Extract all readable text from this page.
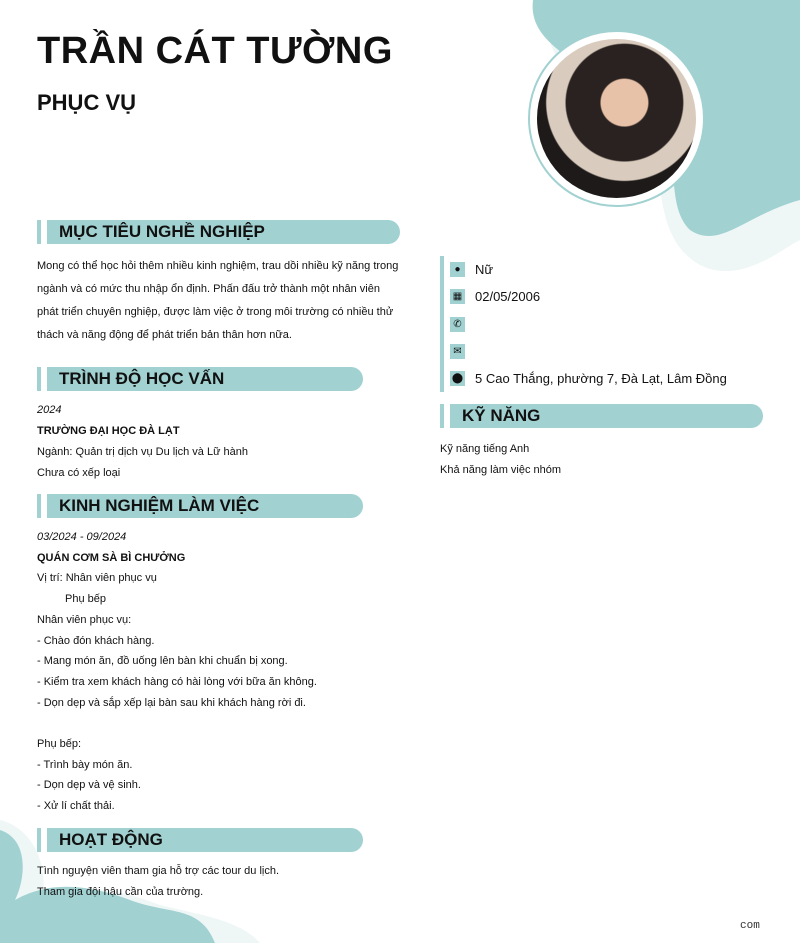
TRẦN CÁT TƯỜNG
PHỤC VỤ
MỤC TIÊU NGHỀ NGHIỆP
Mong có thể học hỏi thêm nhiều kinh nghiệm, trau dồi nhiều kỹ năng trong ngành và có mức thu nhập ổn định. Phấn đấu trở thành một nhân viên phát triển chuyên nghiệp, được làm việc ở trong môi trường có nhiều thử thách và năng động để phát triển bản thân hơn nữa.
TRÌNH ĐỘ HỌC VẤN
2024
TRƯỜNG ĐẠI HỌC ĐÀ LẠT
Ngành: Quản trị dịch vụ Du lịch và Lữ hành
Chưa có xếp loại
KINH NGHIỆM LÀM VIỆC
03/2024 - 09/2024
QUÁN CƠM SÀ BÌ CHƯỞNG
Vị trí: Nhân viên phục vụ
Phụ bếp
Nhân viên phục vụ:
- Chào đón khách hàng.
- Mang món ăn, đồ uống lên bàn khi chuẩn bị xong.
- Kiểm tra xem khách hàng có hài lòng với bữa ăn không.
- Dọn dẹp và sắp xếp lại bàn sau khi khách hàng rời đi.
Phụ bếp:
- Trình bày món ăn.
- Dọn dẹp và vệ sinh.
- Xử lí chất thải.
HOẠT ĐỘNG
Tình nguyện viên tham gia hỗ trợ các tour du lịch.
Tham gia đội hậu cần của trường.
●	Nữ
▦ 02/05/2006
✆
✉
⬤ 5 Cao Thắng, phường 7, Đà Lạt, Lâm Đồng
KỸ NĂNG
Kỹ năng tiếng Anh
Khả năng làm việc nhóm
com
